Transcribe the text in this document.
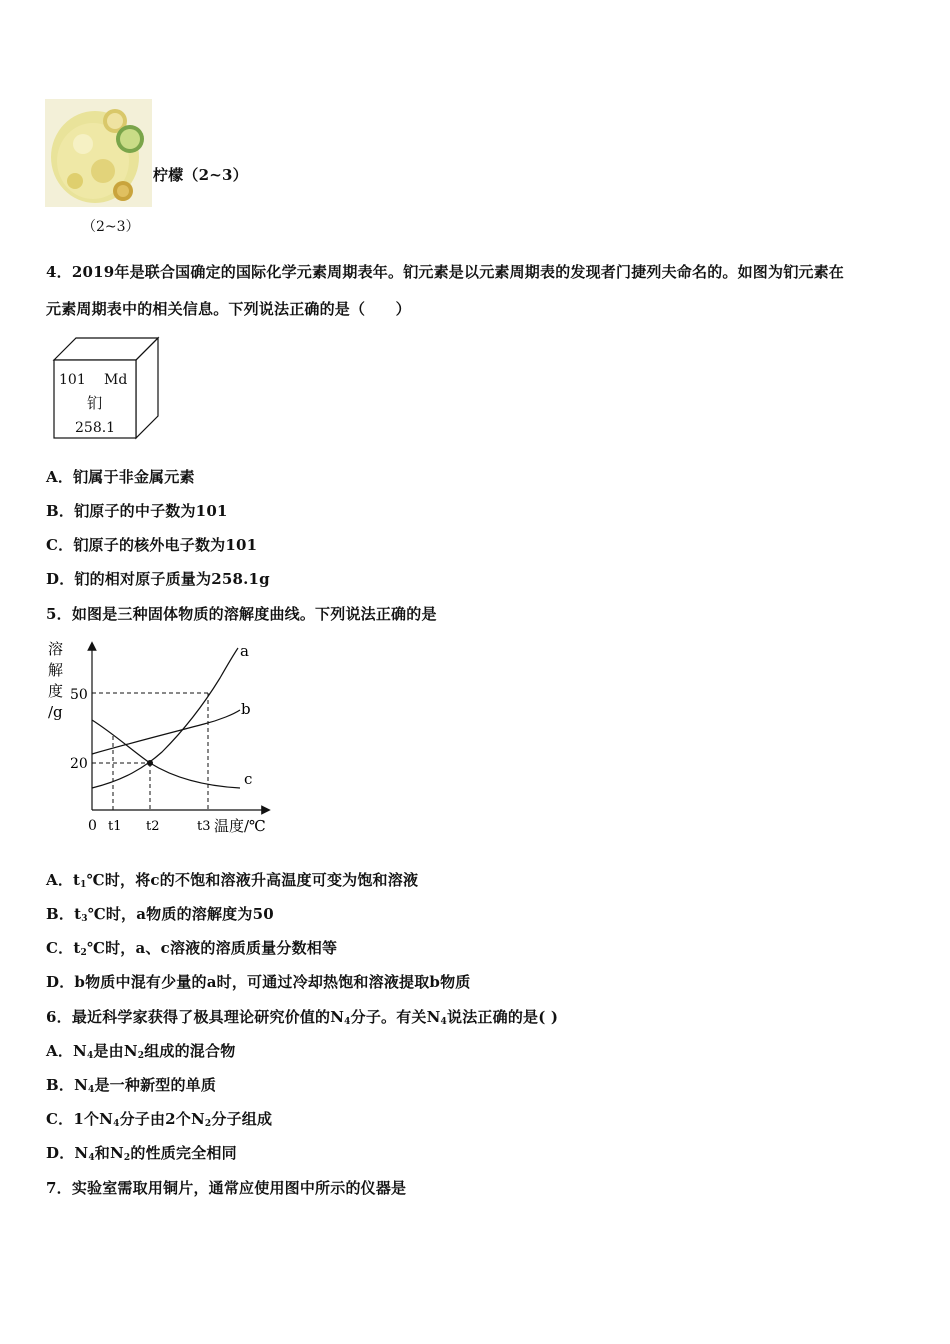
柠檬（2~3）
（2~3）
4．2019年是联合国确定的国际化学元素周期表年。钔元素是以元素周期表的发现者门捷列夫命名的。如图为钔元素在
元素周期表中的相关信息。下列说法正确的是（　　）
101 Md
钔
258.1
A．钔属于非金属元素
B．钔原子的中子数为101
C．钔原子的核外电子数为101
D．钔的相对原子质量为258.1g
5．如图是三种固体物质的溶解度曲线。下列说法正确的是
溶
解
度
/g
50
20
0 t1 t2	t3 温度/℃
a
b
c
A．$t_1℃$时，将c的不饱和溶液升高温度可变为饱和溶液
B．$t_3℃$时，a物质的溶解度为50
C．$t_2℃$时，a、c溶液的溶质质量分数相等
D．b物质中混有少量的a时，可通过冷却热饱和溶液提取b物质
6．最近科学家获得了极具理论研究价值的$N_4$分子。有关$N_4$说法正确的是( )
A．$N_4$是由$N_2$组成的混合物
B．$N_4$是一种新型的单质
C．1个$N_4$分子由2个$N_2$分子组成
D．$N_4$和$N_2$的性质完全相同
7．实验室需取用铜片，通常应使用图中所示的仪器是
